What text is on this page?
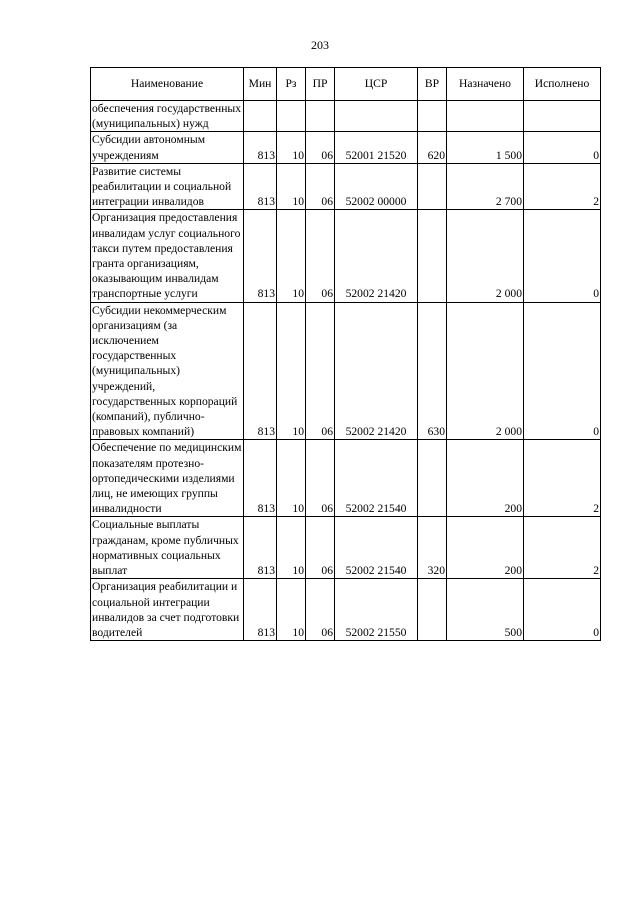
203
Наименование	Мин	Рз	ПР	ЦСР	ВР	Назначено	Исполнено
обеспечения государственных (муниципальных) нужд							
Субсидии автономным учреждениям	813	10	06	52001 21520	620	1 500	0
Развитие системы реабилитации и социальной интеграции инвалидов	813	10	06	52002 00000		2 700	2
Организация предоставления инвалидам услуг социального такси путем предоставления гранта организациям, оказывающим инвалидам транспортные услуги	813	10	06	52002 21420		2 000	0
Субсидии некоммерческим организациям (за исключением государственных (муниципальных) учреждений, государственных корпораций (компаний), публично-правовых компаний)	813	10	06	52002 21420	630	2 000	0
Обеспечение по медицинским показателям протезно-ортопедическими изделиями лиц, не имеющих группы инвалидности	813	10	06	52002 21540		200	2
Социальные выплаты гражданам, кроме публичных нормативных социальных выплат	813	10	06	52002 21540	320	200	2
Организация реабилитации и социальной интеграции инвалидов за счет подготовки водителей	813	10	06	52002 21550		500	0
